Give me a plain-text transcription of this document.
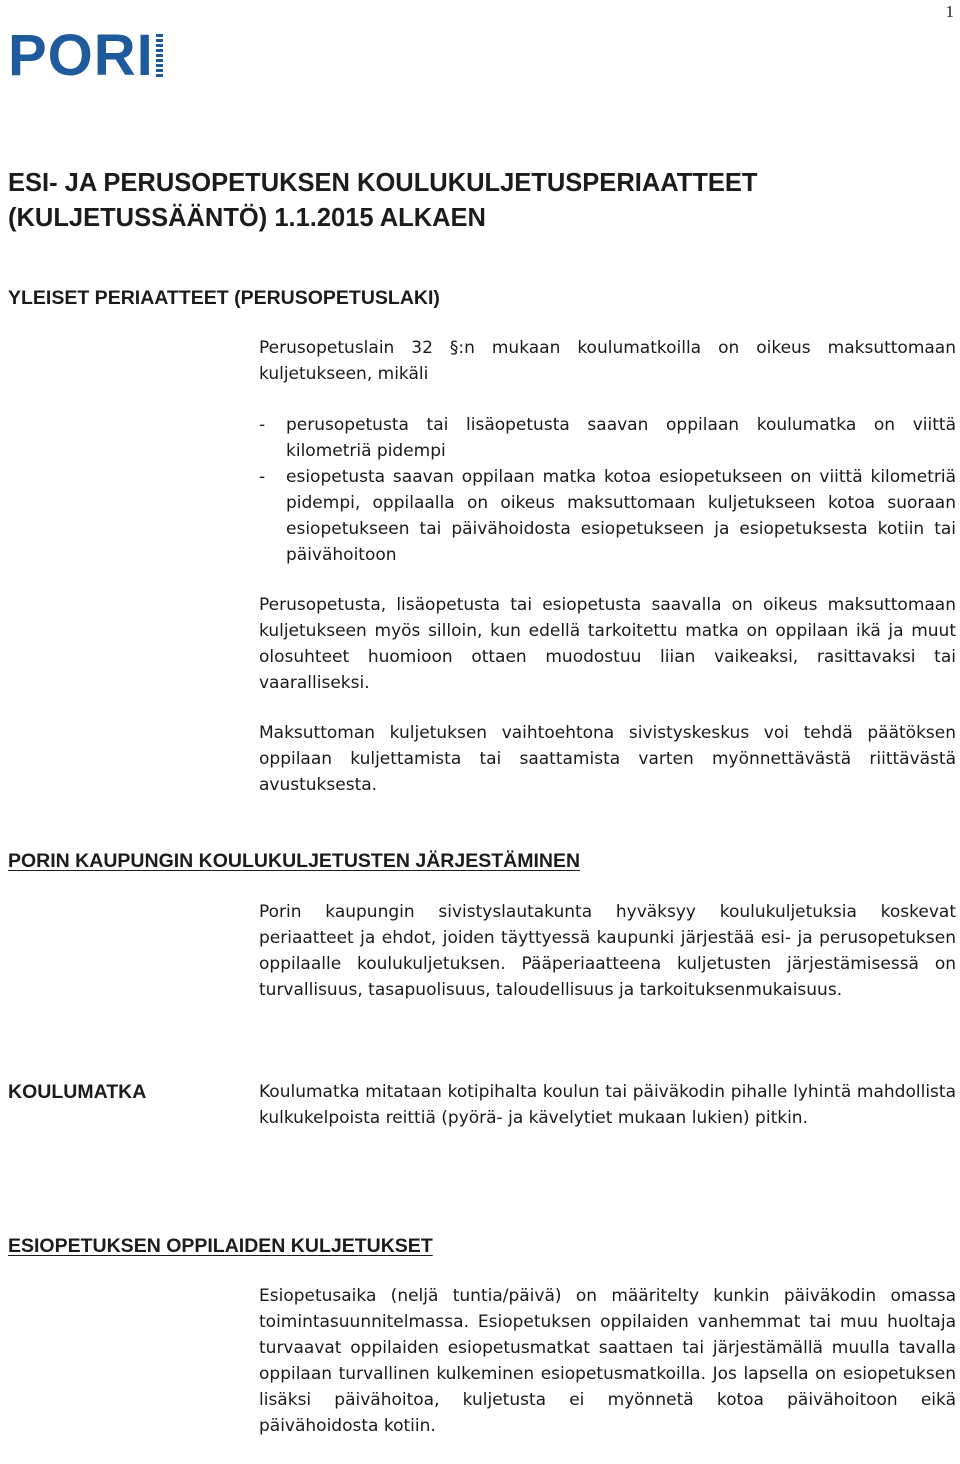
1
PORI
ESI- JA PERUSOPETUKSEN KOULUKULJETUSPERIAATTEET
(KULJETUSSÄÄNTÖ) 1.1.2015 ALKAEN
YLEISET PERIAATTEET (PERUSOPETUSLAKI)

Perusopetuslain 32 §:n mukaan koulumatkoilla on oikeus maksuttomaan kuljetukseen, mikäli

- perusopetusta tai lisäopetusta saavan oppilaan koulumatka on viittä kilometriä pidempi
- esiopetusta saavan oppilaan matka kotoa esiopetukseen on viittä kilometriä pidempi, oppilaalla on oikeus maksuttomaan kuljetukseen kotoa suoraan esiopetukseen tai päivähoidosta esiopetukseen ja esiopetuksesta kotiin tai päivähoitoon

Perusopetusta, lisäopetusta tai esiopetusta saavalla on oikeus maksuttomaan kuljetukseen myös silloin, kun edellä tarkoitettu matka on oppilaan ikä ja muut olosuhteet huomioon ottaen muodostuu liian vaikeaksi, rasittavaksi tai vaaralliseksi.

Maksuttoman kuljetuksen vaihtoehtona sivistyskeskus voi tehdä päätöksen oppilaan kuljettamista tai saattamista varten myönnettävästä riittävästä avustuksesta.

PORIN KAUPUNGIN KOULUKULJETUSTEN JÄRJESTÄMINEN

Porin kaupungin sivistyslautakunta hyväksyy koulukuljetuksia koskevat periaatteet ja ehdot, joiden täyttyessä kaupunki järjestää esi- ja perusopetuksen oppilaalle koulukuljetuksen. Pääperiaatteena kuljetusten järjestämisessä on turvallisuus, tasapuolisuus, taloudellisuus ja tarkoituksenmukaisuus.

KOULUMATKA	Koulumatka mitataan kotipihalta koulun tai päiväkodin pihalle lyhintä mahdollista kulkukelpoista reittiä (pyörä- ja kävelytiet mukaan lukien) pitkin.

ESIOPETUKSEN OPPILAIDEN KULJETUKSET

Esiopetusaika (neljä tuntia/päivä) on määritelty kunkin päiväkodin omassa toimintasuunnitelmassa. Esiopetuksen oppilaiden vanhemmat tai muu huoltaja turvaavat oppilaiden esiopetusmatkat saattaen tai järjestämällä muulla tavalla oppilaan turvallinen kulkeminen esiopetusmatkoilla. Jos lapsella on esiopetuksen lisäksi päivähoitoa, kuljetusta ei myönnetä kotoa päivähoitoon eikä päivähoidosta kotiin.
